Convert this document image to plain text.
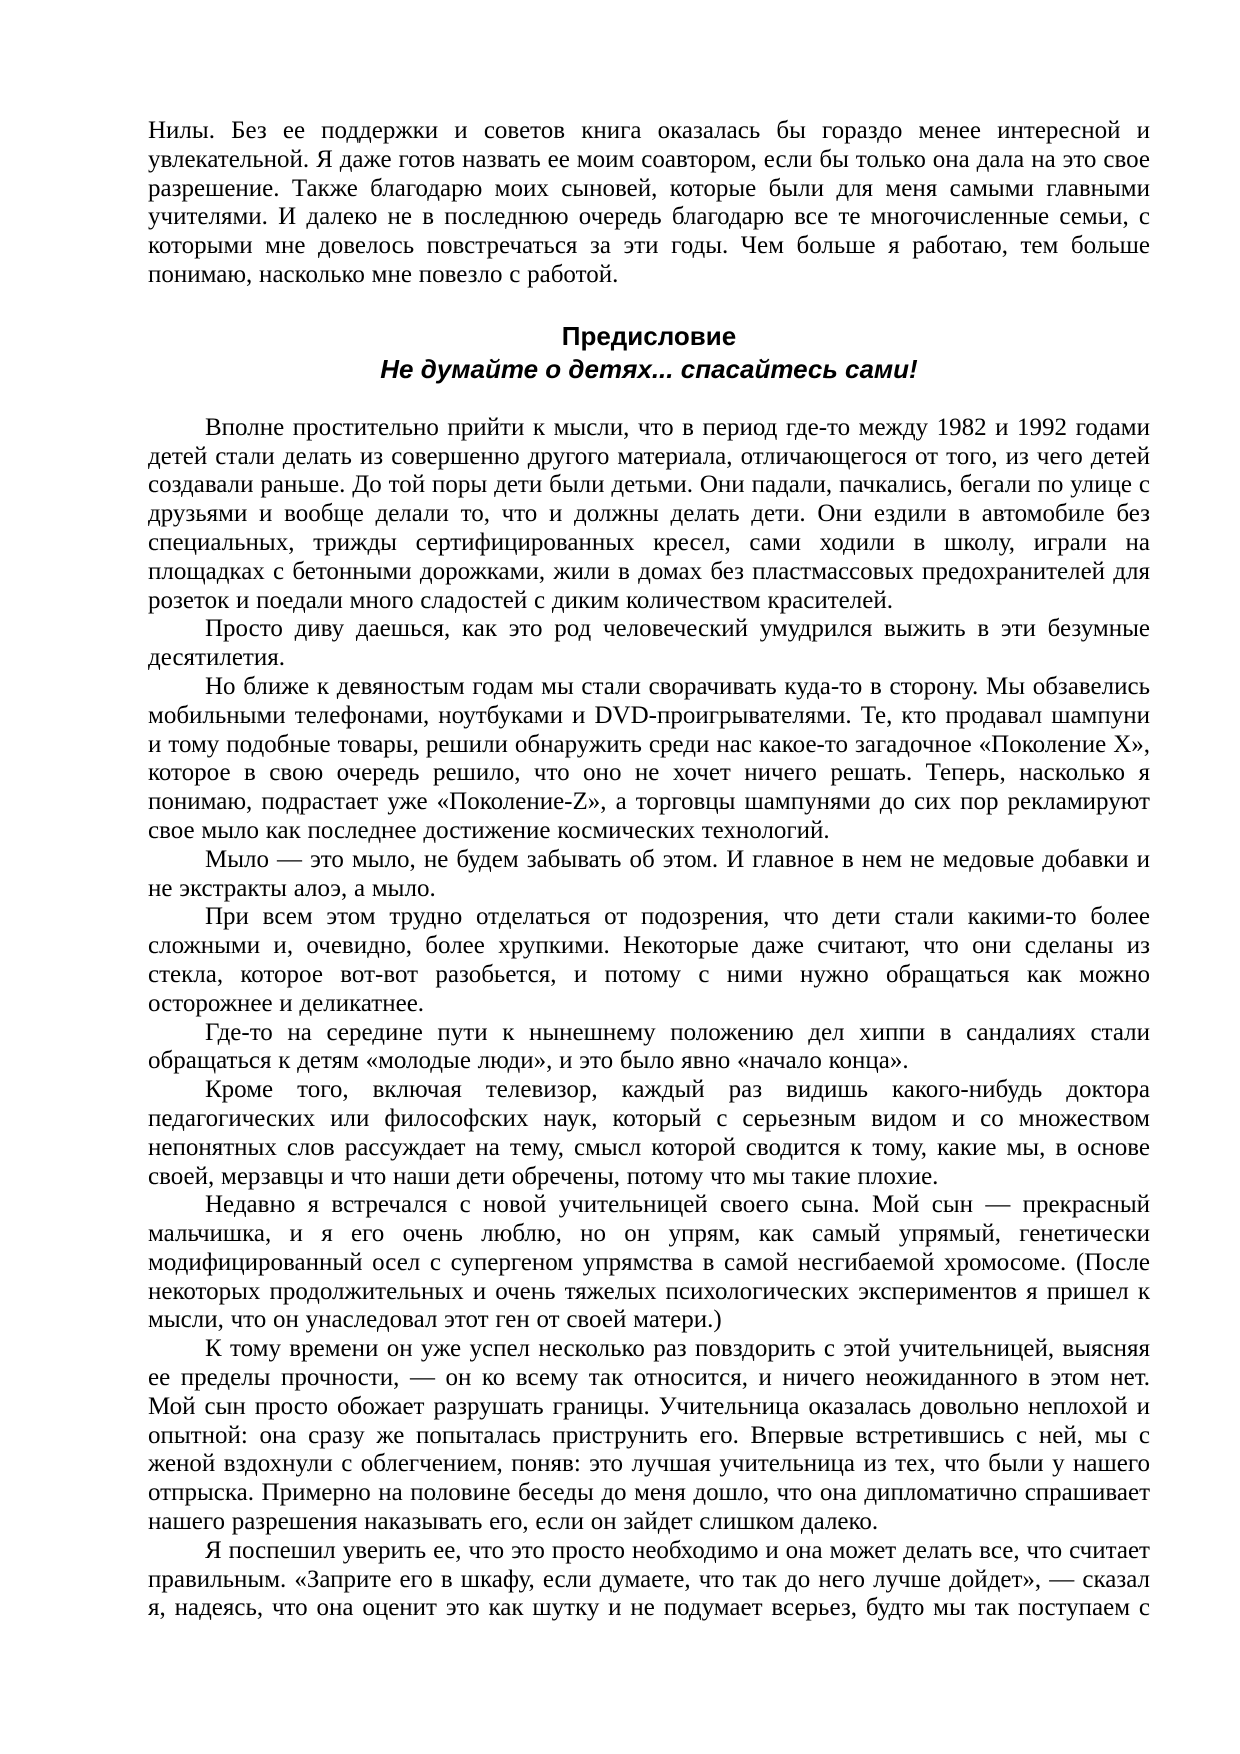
Нилы. Без ее поддержки и советов книга оказалась бы гораздо менее интересной и увлекательной. Я даже готов назвать ее моим соавтором, если бы только она дала на это свое разрешение. Также благодарю моих сыновей, которые были для меня самыми главными учителями. И далеко не в последнюю очередь благодарю все те многочисленные семьи, с которыми мне довелось повстречаться за эти годы. Чем больше я работаю, тем больше понимаю, насколько мне повезло с работой.

Предисловие
Не думайте о детях... спасайтесь сами!

Вполне простительно прийти к мысли, что в период где-то между 1982 и 1992 годами детей стали делать из совершенно другого материала, отличающегося от того, из чего детей создавали раньше. До той поры дети были детьми. Они падали, пачкались, бегали по улице с друзьями и вообще делали то, что и должны делать дети. Они ездили в автомобиле без специальных, трижды сертифицированных кресел, сами ходили в школу, играли на площадках с бетонными дорожками, жили в домах без пластмассовых предохранителей для розеток и поедали много сладостей с диким количеством красителей.

Просто диву даешься, как это род человеческий умудрился выжить в эти безумные десятилетия.

Но ближе к девяностым годам мы стали сворачивать куда-то в сторону. Мы обзавелись мобильными телефонами, ноутбуками и DVD-проигрывателями. Те, кто продавал шампуни и тому подобные товары, решили обнаружить среди нас какое-то загадочное «Поколение X», которое в свою очередь решило, что оно не хочет ничего решать. Теперь, насколько я понимаю, подрастает уже «Поколение-Z», а торговцы шампунями до сих пор рекламируют свое мыло как последнее достижение космических технологий.

Мыло — это мыло, не будем забывать об этом. И главное в нем не медовые добавки и не экстракты алоэ, а мыло.

При всем этом трудно отделаться от подозрения, что дети стали какими-то более сложными и, очевидно, более хрупкими. Некоторые даже считают, что они сделаны из стекла, которое вот-вот разобьется, и потому с ними нужно обращаться как можно осторожнее и деликатнее.

Где-то на середине пути к нынешнему положению дел хиппи в сандалиях стали обращаться к детям «молодые люди», и это было явно «начало конца».

Кроме того, включая телевизор, каждый раз видишь какого-нибудь доктора педагогических или философских наук, который с серьезным видом и со множеством непонятных слов рассуждает на тему, смысл которой сводится к тому, какие мы, в основе своей, мерзавцы и что наши дети обречены, потому что мы такие плохие.

Недавно я встречался с новой учительницей своего сына. Мой сын — прекрасный мальчишка, и я его очень люблю, но он упрям, как самый упрямый, генетически модифицированный осел с супергеном упрямства в самой несгибаемой хромосоме. (После некоторых продолжительных и очень тяжелых психологических экспериментов я пришел к мысли, что он унаследовал этот ген от своей матери.)

К тому времени он уже успел несколько раз повздорить с этой учительницей, выясняя ее пределы прочности, — он ко всему так относится, и ничего неожиданного в этом нет. Мой сын просто обожает разрушать границы. Учительница оказалась довольно неплохой и опытной: она сразу же попыталась приструнить его. Впервые встретившись с ней, мы с женой вздохнули с облегчением, поняв: это лучшая учительница из тех, что были у нашего отпрыска. Примерно на половине беседы до меня дошло, что она дипломатично спрашивает нашего разрешения наказывать его, если он зайдет слишком далеко.

Я поспешил уверить ее, что это просто необходимо и она может делать все, что считает правильным. «Заприте его в шкафу, если думаете, что так до него лучше дойдет», — сказал я, надеясь, что она оценит это как шутку и не подумает всерьез, будто мы так поступаем с
